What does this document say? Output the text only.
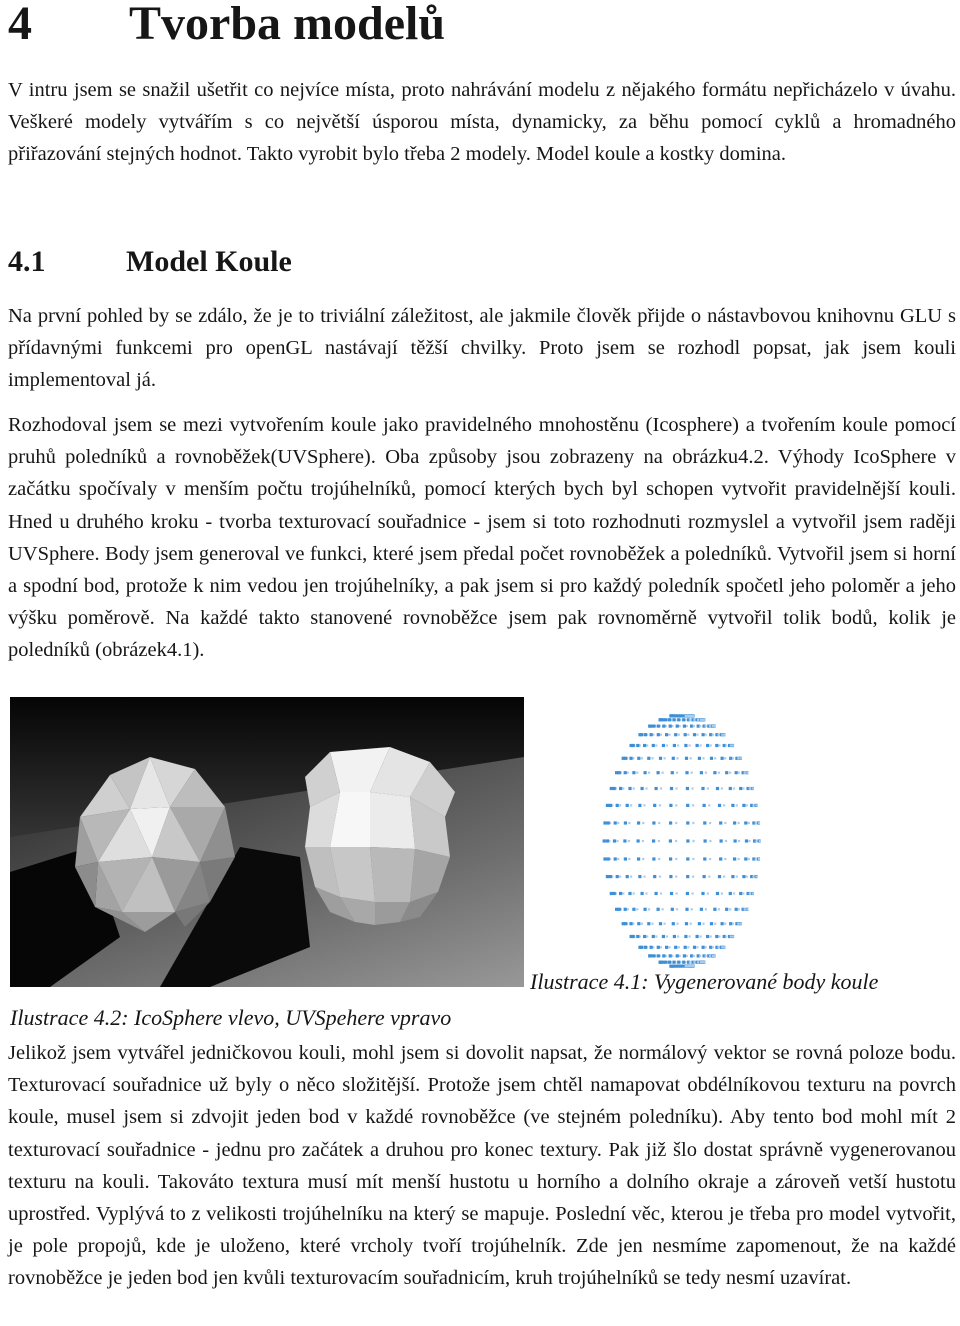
4 Tvorba modelů

V intru jsem se snažil ušetřit co nejvíce místa, proto nahrávání modelu z nějakého formátu nepřicházelo v úvahu. Veškeré modely vytvářím s co největší úsporou místa, dynamicky, za běhu pomocí cyklů a hromadného přiřazování stejných hodnot. Takto vyrobit bylo třeba 2 modely. Model koule a kostky domina.

4.1	Model Koule

Na první pohled by se zdálo, že je to triviální záležitost, ale jakmile člověk přijde o nástavbovou knihovnu GLU s přídavnými funkcemi pro openGL nastávají těžší chvilky. Proto jsem se rozhodl popsat, jak jsem kouli implementoval já.

Rozhodoval jsem se mezi vytvořením koule jako pravidelného mnohostěnu (Icosphere) a tvořením koule pomocí pruhů poledníků a rovnoběžek(UVSphere). Oba způsoby jsou zobrazeny na obrázku4.2. Výhody IcoSphere v začátku spočívaly v menším počtu trojúhelníků, pomocí kterých bych byl schopen vytvořit pravidelnější kouli. Hned u druhého kroku - tvorba texturovací souřadnice - jsem si toto rozhodnuti rozmyslel a vytvořil jsem raději UVSphere. Body jsem generoval ve funkci, které jsem předal počet rovnoběžek a poledníků. Vytvořil jsem si horní a spodní bod, protože k nim vedou jen trojúhelníky, a pak jsem si pro každý poledník spočetl jeho poloměr a jeho výšku poměrově. Na každé takto stanovené rovnoběžce jsem pak rovnoměrně vytvořil tolik bodů, kolik je poledníků (obrázek4.1).

Ilustrace 4.1: Vygenerované body koule

Ilustrace 4.2: IcoSphere vlevo, UVSpehere vpravo

Jelikož jsem vytvářel jedničkovou kouli, mohl jsem si dovolit napsat, že normálový vektor se rovná poloze bodu. Texturovací souřadnice už byly o něco složitější. Protože jsem chtěl namapovat obdélníkovou texturu na povrch koule, musel jsem si zdvojit jeden bod v každé rovnoběžce (ve stejném poledníku). Aby tento bod mohl mít 2 texturovací souřadnice - jednu pro začátek a druhou pro konec textury. Pak již šlo dostat správně vygenerovanou texturu na kouli. Takováto textura musí mít menší hustotu u horního a dolního okraje a zároveň vetší hustotu uprostřed. Vyplývá to z velikosti trojúhelníku na který se mapuje. Poslední věc, kterou je třeba pro model vytvořit, je pole propojů, kde je uloženo, které vrcholy tvoří trojúhelník. Zde jen nesmíme zapomenout, že na každé rovnoběžce je jeden bod jen kvůli texturovacím souřadnicím, kruh trojúhelníků se tedy nesmí uzavírat.
